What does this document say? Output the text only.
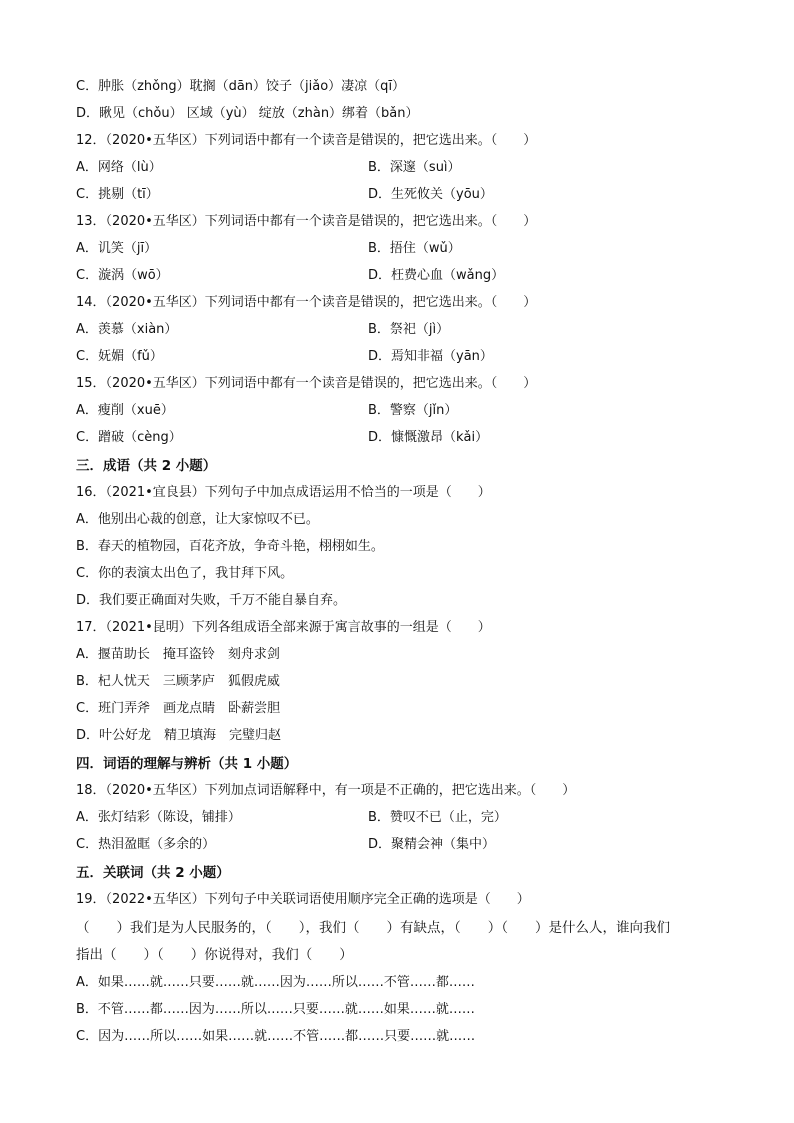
C．肿胀（zhǒng）耽搁（dān）饺子（jiǎo）凄凉（qī）
D．瞅见（chǒu） 区域（yù） 绽放（zhàn）绑着（bǎn）
12．（2020•五华区）下列词语中都有一个读音是错误的，把它选出来。（　　）
A．网络（lù）	B．深邃（suì）
C．挑剔（tī）	D．生死攸关（yōu）
13．（2020•五华区）下列词语中都有一个读音是错误的，把它选出来。（　　）
A．讥笑（jī）	B．捂住（wǔ）
C．漩涡（wō）	D．枉费心血（wǎng）
14．（2020•五华区）下列词语中都有一个读音是错误的，把它选出来。（　　）
A．羡慕（xiàn）	B．祭祀（jì）
C．妩媚（fǔ）	D．焉知非福（yān）
15．（2020•五华区）下列词语中都有一个读音是错误的，把它选出来。（　　）
A．瘦削（xuē）	B．警察（jǐn）
C．蹭破（cèng）	D．慷慨激昂（kǎi）
三．成语（共 2 小题）
16．（2021•宜良县）下列句子中加点成语运用不恰当的一项是（　　）
A．他别出心裁的创意，让大家惊叹不已。
B．春天的植物园，百花齐放，争奇斗艳，栩栩如生。
C．你的表演太出色了，我甘拜下风。
D．我们要正确面对失败，千万不能自暴自弃。
17．（2021•昆明）下列各组成语全部来源于寓言故事的一组是（　　）
A．揠苗助长　掩耳盗铃　刻舟求剑
B．杞人忧天　三顾茅庐　狐假虎威
C．班门弄斧　画龙点睛　卧薪尝胆
D．叶公好龙　精卫填海　完璧归赵
四．词语的理解与辨析（共 1 小题）
18．（2020•五华区）下列加点词语解释中，有一项是不正确的，把它选出来。（　　）
A．张灯结彩（陈设，铺排）	B．赞叹不已（止，完）
C．热泪盈眶（多余的）	D．聚精会神（集中）
五．关联词（共 2 小题）
19．（2022•五华区）下列句子中关联词语使用顺序完全正确的选项是（　　）
（　　）我们是为人民服务的，（　　），我们（　　）有缺点，（　　）（　　）是什么人，谁向我们
指出（　　）（　　）你说得对，我们（　　）
A．如果……就……只要……就……因为……所以……不管……都……
B．不管……都……因为……所以……只要……就……如果……就……
C．因为……所以……如果……就……不管……都……只要……就……
